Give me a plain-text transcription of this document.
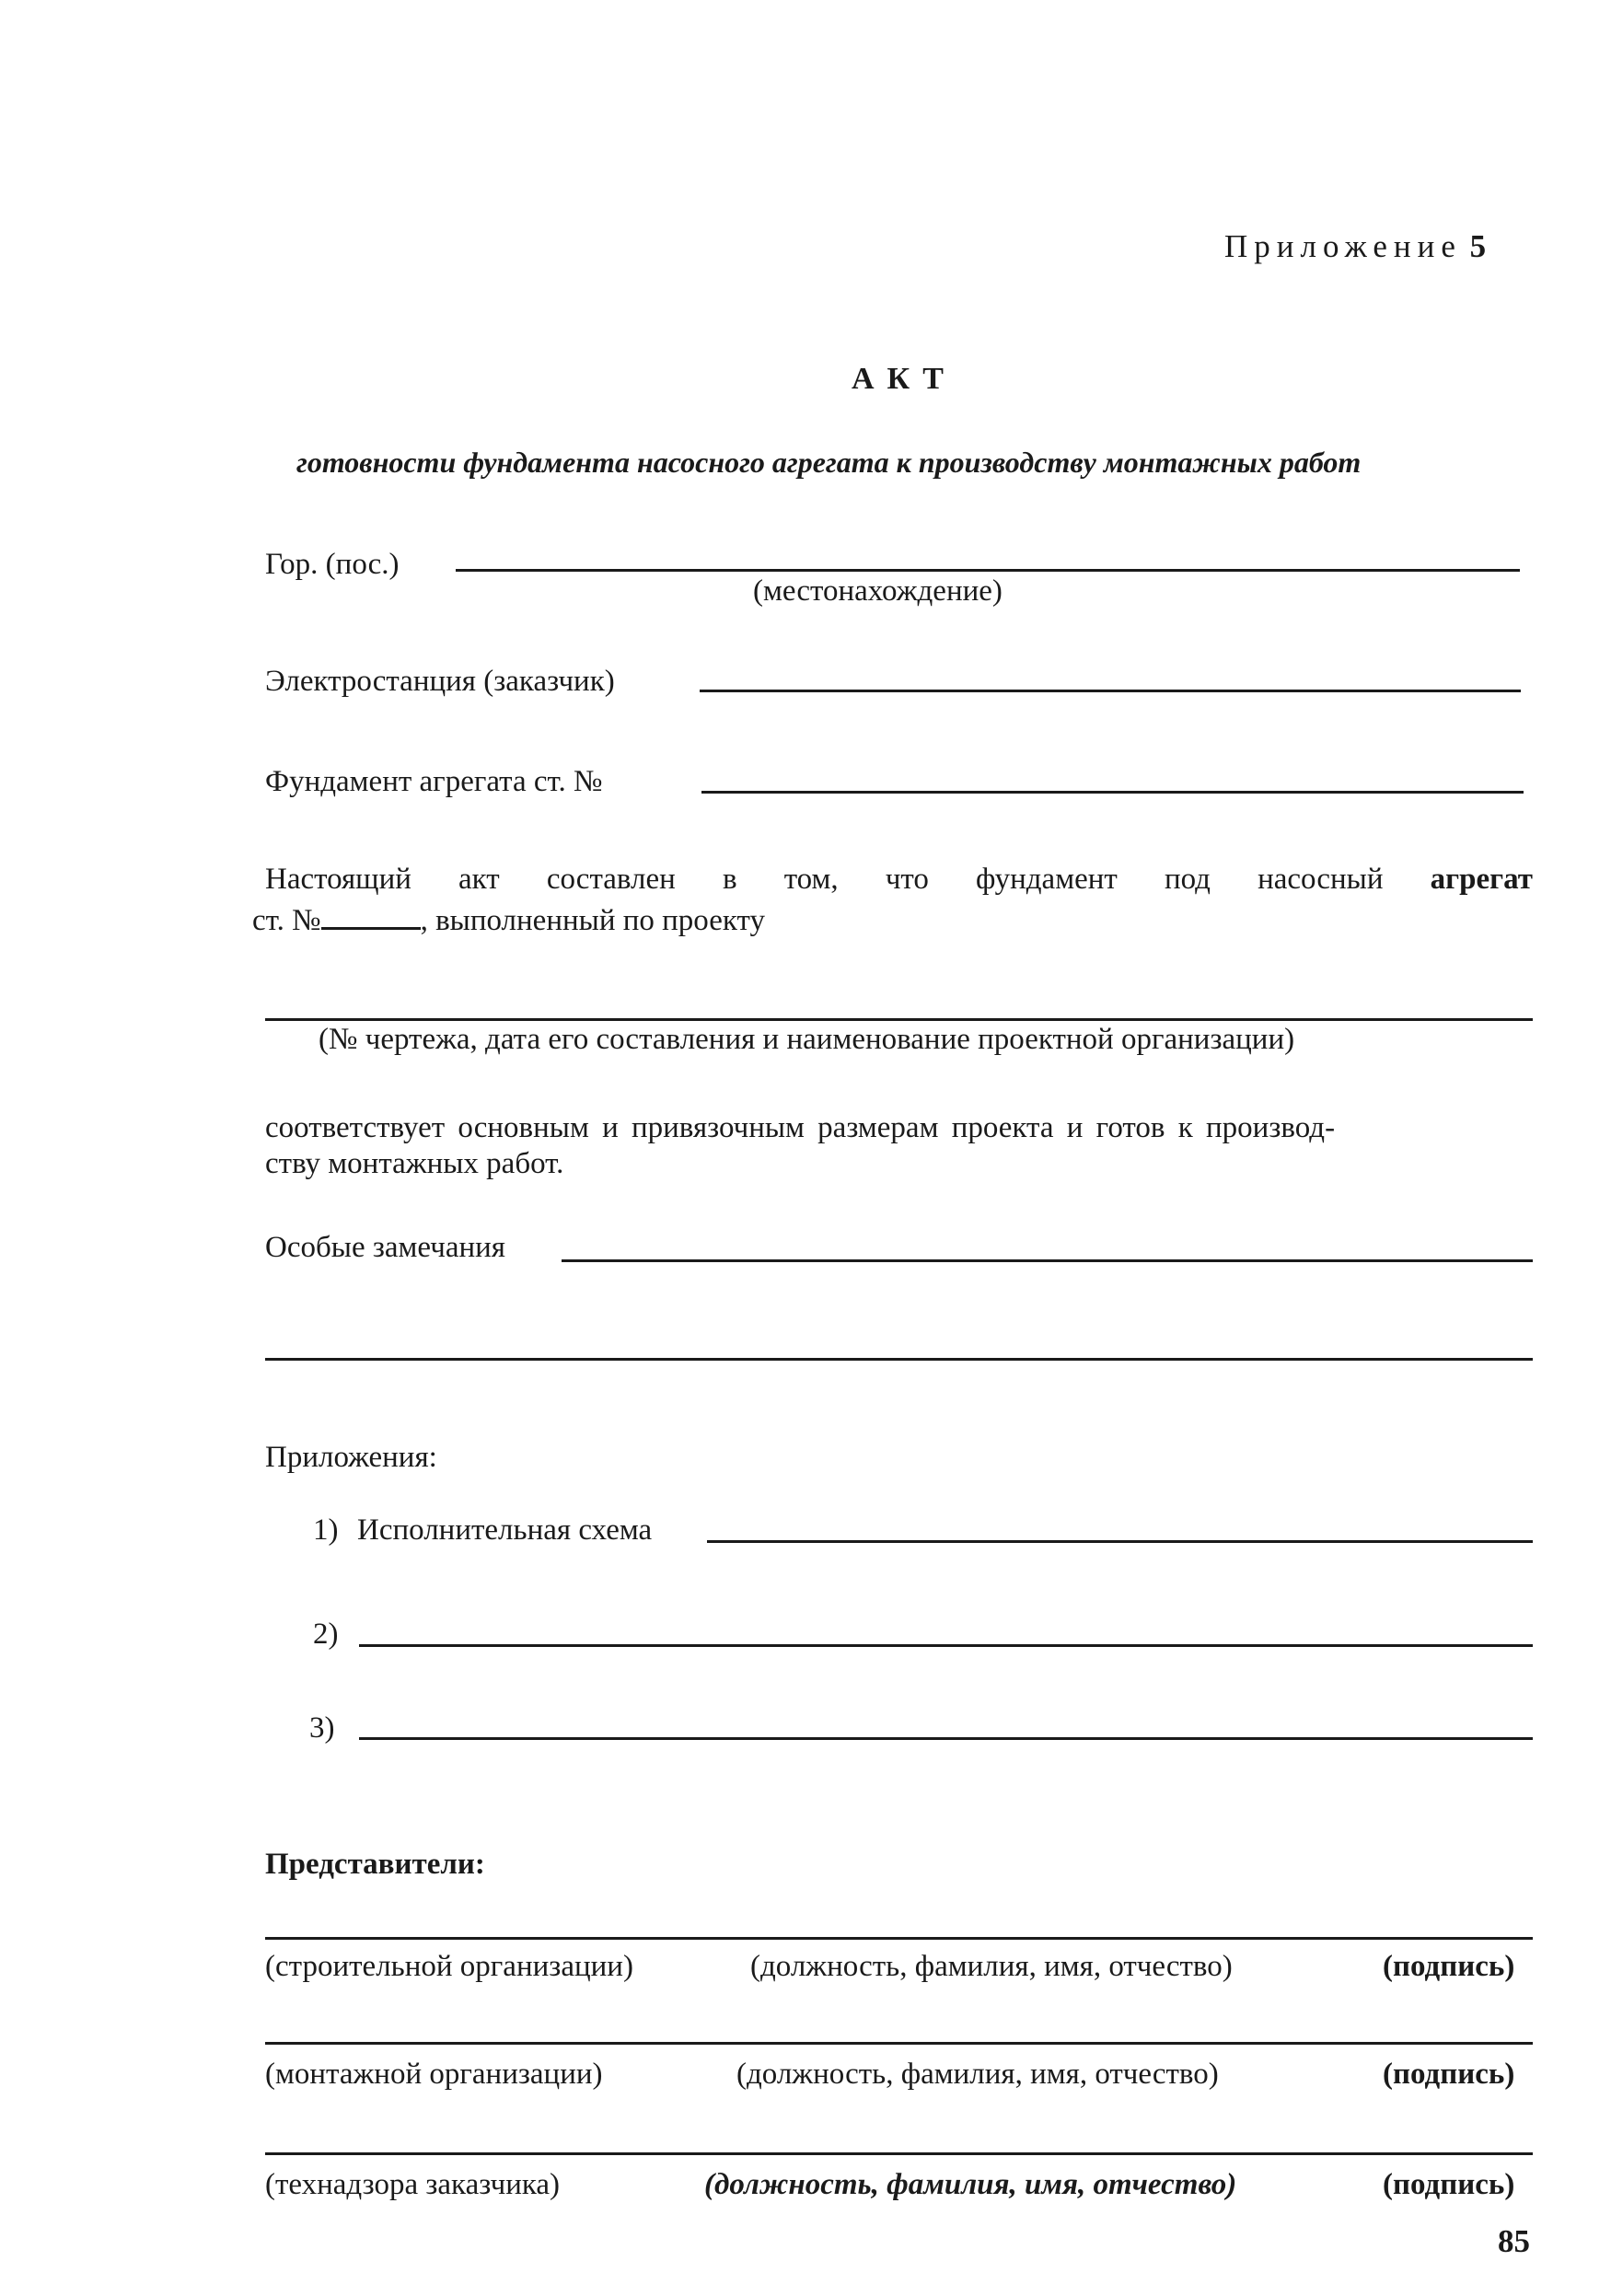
Приложение 5
АКТ
готовности фундамента насосного агрегата к производству монтажных работ
Гор. (пос.)
(местонахождение)
Электростанция (заказчик)
Фундамент агрегата ст. №
Настоящий акт составлен в том, что фундамент под насосный агрегат
ст. №	, выполненный по проекту
(№ чертежа, дата его составления и наименование проектной организации)
соответствует основным и привязочным размерам проекта и готов к производ-
ству монтажных работ.
Особые замечания
Приложения:
1) Исполнительная схема
2)
3)
Представители:
(строительной организации)	(должность, фамилия, имя, отчество)	(подпись)
(монтажной организации)	(должность, фамилия, имя, отчество)	(подпись)
(технадзора заказчика)	(должность, фамилия, имя, отчество)	(подпись)
85
